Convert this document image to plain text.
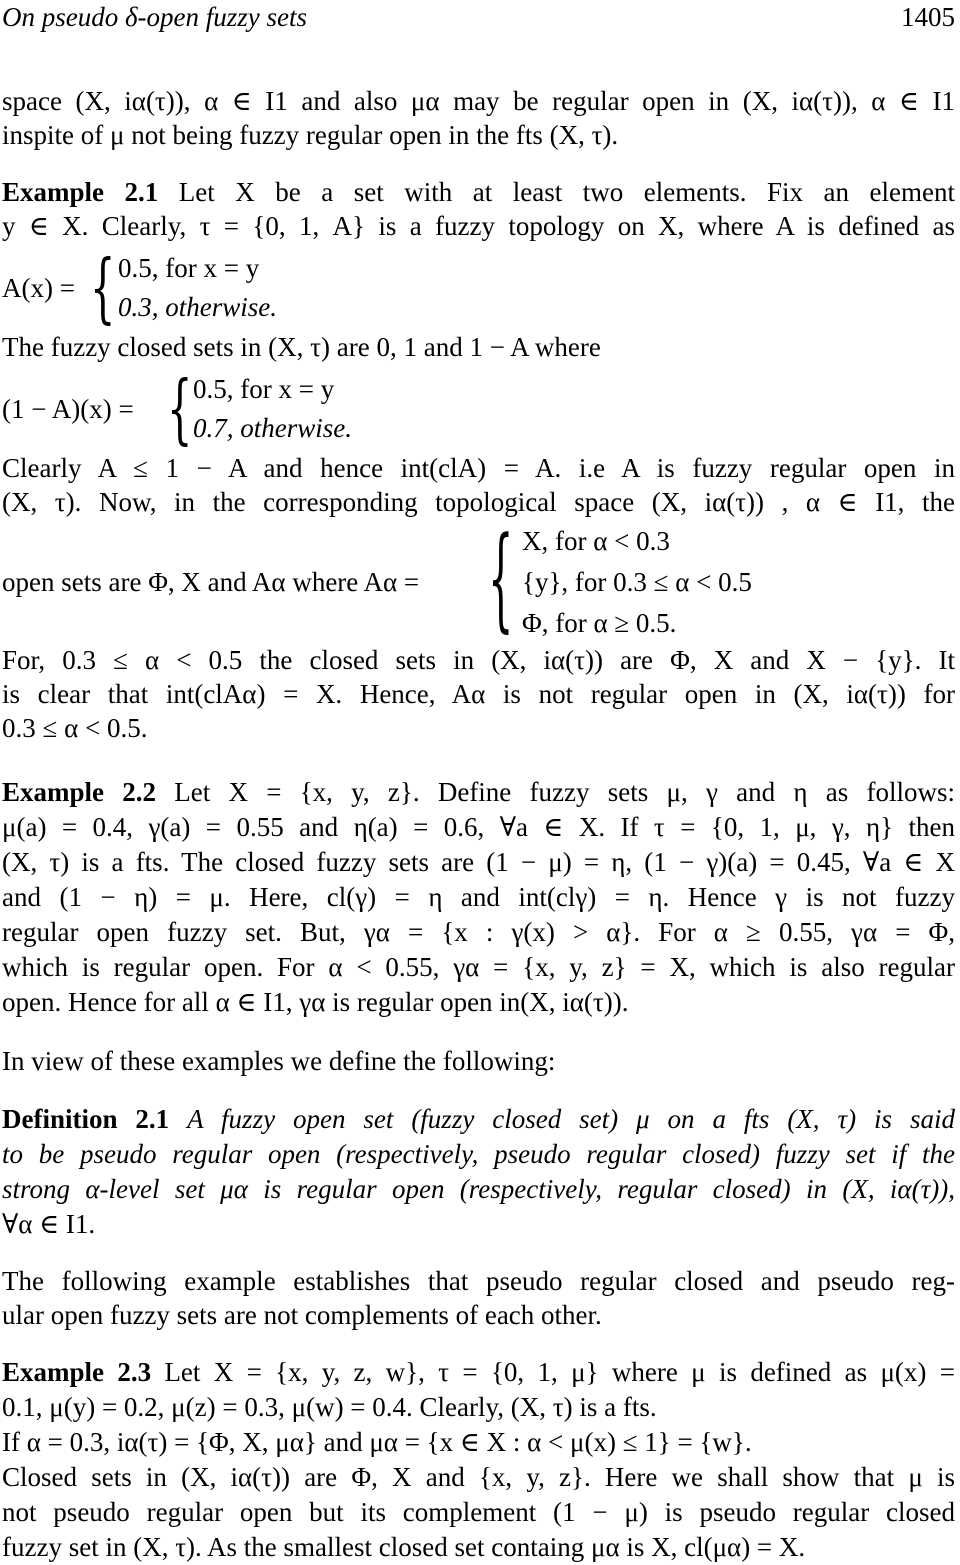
On pseudo δ-open fuzzy sets	1405
space (X, iα(τ)), α ∈ I1 and also μα may be regular open in (X, iα(τ)), α ∈ I1
inspite of μ not being fuzzy regular open in the fts (X, τ).
Example 2.1 Let X be a set with at least two elements. Fix an element
y ∈ X. Clearly, τ = {0, 1, A} is a fuzzy topology on X, where A is defined as
A(x) = { 0.5, for x = y
0.3, otherwise.
The fuzzy closed sets in (X, τ) are 0, 1 and 1 − A where
(1 − A)(x) = { 0.5, for x = y
0.7, otherwise.
Clearly A ≤ 1 − A and hence int(clA) = A. i.e A is fuzzy regular open in
(X, τ). Now, in the corresponding topological space (X, iα(τ)) , α ∈ I1, the
open sets are Φ, X and Aα where Aα = { X, for α < 0.3
{y}, for 0.3 ≤ α < 0.5
Φ, for α ≥ 0.5.
For, 0.3 ≤ α < 0.5 the closed sets in (X, iα(τ)) are Φ, X and X − {y}. It
is clear that int(clAα) = X. Hence, Aα is not regular open in (X, iα(τ)) for
0.3 ≤ α < 0.5.
Example 2.2 Let X = {x, y, z}. Define fuzzy sets μ, γ and η as follows:
μ(a) = 0.4, γ(a) = 0.55 and η(a) = 0.6, ∀a ∈ X. If τ = {0, 1, μ, γ, η} then
(X, τ) is a fts. The closed fuzzy sets are (1 − μ) = η, (1 − γ)(a) = 0.45, ∀a ∈ X
and (1 − η) = μ. Here, cl(γ) = η and int(clγ) = η. Hence γ is not fuzzy
regular open fuzzy set. But, γα = {x : γ(x) > α}. For α ≥ 0.55, γα = Φ,
which is regular open. For α < 0.55, γα = {x, y, z} = X, which is also regular
open. Hence for all α ∈ I1, γα is regular open in(X, iα(τ)).
In view of these examples we define the following:
Definition 2.1 A fuzzy open set (fuzzy closed set) μ on a fts (X, τ) is said
to be pseudo regular open (respectively, pseudo regular closed) fuzzy set if the
strong α-level set μα is regular open (respectively, regular closed) in (X, iα(τ)),
∀α ∈ I1.
The following example establishes that pseudo regular closed and pseudo reg-
ular open fuzzy sets are not complements of each other.
Example 2.3 Let X = {x, y, z, w}, τ = {0, 1, μ} where μ is defined as μ(x) =
0.1, μ(y) = 0.2, μ(z) = 0.3, μ(w) = 0.4. Clearly, (X, τ) is a fts.
If α = 0.3, iα(τ) = {Φ, X, μα} and μα = {x ∈ X : α < μ(x) ≤ 1} = {w}.
Closed sets in (X, iα(τ)) are Φ, X and {x, y, z}. Here we shall show that μ is
not pseudo regular open but its complement (1 − μ) is pseudo regular closed
fuzzy set in (X, τ). As the smallest closed set containg μα is X, cl(μα) = X.
